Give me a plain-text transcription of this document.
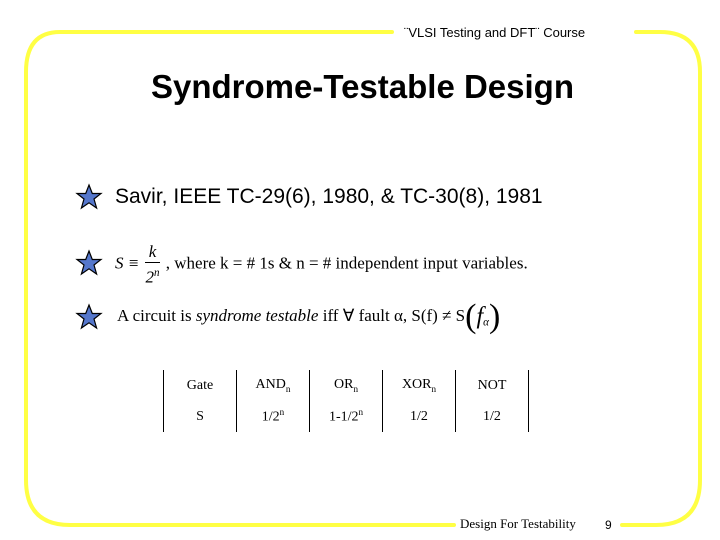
¨VLSI Testing and DFT¨ Course
Syndrome-Testable Design
Savir, IEEE TC-29(6), 1980, & TC-30(8), 1981
$S \equiv \frac{k}{2^n}$ , where k = # 1s & n = # independent input variables.
A circuit is syndrome testable iff ∀ fault α, $S(f) \ne S(f_\alpha)$
Gate	$AND_n$	$OR_n$	$XOR_n$	NOT
S	1/2$^n$	1-1/2$^n$	1/2	1/2
Design For Testability 9
